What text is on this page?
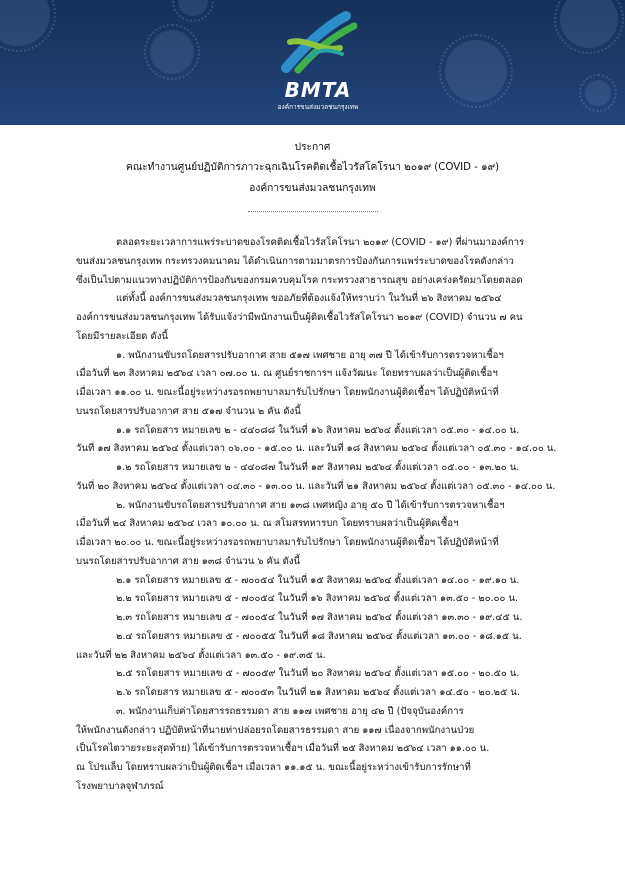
BMTA
องค์การขนส่งมวลชนกรุงเทพ
ประกาศ
คณะทำงานศูนย์ปฏิบัติการภาวะฉุกเฉินโรคติดเชื้อไวรัสโคโรนา ๒๐๑๙ (COVID - ๑๙)
องค์การขนส่งมวลชนกรุงเทพ
ตลอดระยะเวลาการแพร่ระบาดของโรคติดเชื้อไวรัสโคโรนา ๒๐๑๙ (COVID - ๑๙) ที่ผ่านมาองค์การ
ขนส่งมวลชนกรุงเทพ กระทรวงคมนาคม ได้ดำเนินการตามมาตรการป้องกันการแพร่ระบาดของโรคดังกล่าว
ซึ่งเป็นไปตามแนวทางปฏิบัติการป้องกันของกรมควบคุมโรค กระทรวงสาธารณสุข อย่างเคร่งครัดมาโดยตลอด
แต่ทั้งนี้ องค์การขนส่งมวลชนกรุงเทพ ขออภัยที่ต้องแจ้งให้ทราบว่า ในวันที่ ๒๖ สิงหาคม ๒๕๖๔
องค์การขนส่งมวลชนกรุงเทพ ได้รับแจ้งว่ามีพนักงานเป็นผู้ติดเชื้อไวรัสโคโรนา ๒๐๑๙ (COVID) จำนวน ๗ คน
โดยมีรายละเอียด ดังนี้
๑. พนักงานขับรถโดยสารปรับอากาศ สาย ๕๑๗ เพศชาย อายุ ๓๗ ปี ได้เข้ารับการตรวจหาเชื้อฯ
เมื่อวันที่ ๒๓ สิงหาคม ๒๕๖๔ เวลา ๐๗.๐๐ น. ณ ศูนย์ราชการฯ แจ้งวัฒนะ โดยทราบผลว่าเป็นผู้ติดเชื้อฯ
เมื่อเวลา ๑๑.๐๐ น. ขณะนี้อยู่ระหว่างรอรถพยาบาลมารับไปรักษา โดยพนักงานผู้ติดเชื้อฯ ได้ปฏิบัติหน้าที่
บนรถโดยสารปรับอากาศ สาย ๕๑๗ จำนวน ๒ คัน ดังนี้
๑.๑ รถโดยสาร หมายเลข ๒ - ๔๔๐๘๘ ในวันที่ ๑๖ สิงหาคม ๒๕๖๔ ตั้งแต่เวลา ๐๕.๓๐ - ๑๔.๐๐ น.
วันที่ ๑๗ สิงหาคม ๒๕๖๔ ตั้งแต่เวลา ๐๖.๐๐ - ๑๕.๐๐ น. และวันที่ ๑๘ สิงหาคม ๒๕๖๔ ตั้งแต่เวลา ๐๕.๓๐ - ๑๔.๐๐ น.
๑.๒ รถโดยสาร หมายเลข ๒ - ๔๔๐๘๗ ในวันที่ ๑๙ สิงหาคม ๒๕๖๔ ตั้งแต่เวลา ๐๕.๐๐ - ๑๓.๒๐ น.
วันที่ ๒๐ สิงหาคม ๒๕๖๔ ตั้งแต่เวลา ๐๔.๓๐ - ๑๓.๐๐ น. และวันที่ ๒๑ สิงหาคม ๒๕๖๔ ตั้งแต่เวลา ๐๕.๓๐ - ๑๔.๐๐ น.
๒. พนักงานขับรถโดยสารปรับอากาศ สาย ๑๓๘ เพศหญิง อายุ ๕๐ ปี ได้เข้ารับการตรวจหาเชื้อฯ
เมื่อวันที่ ๒๔ สิงหาคม ๒๕๖๔ เวลา ๑๐.๐๐ น. ณ สโมสรทหารบก โดยทราบผลว่าเป็นผู้ติดเชื้อฯ
เมื่อเวลา ๒๐.๐๐ น. ขณะนี้อยู่ระหว่างรอรถพยาบาลมารับไปรักษา โดยพนักงานผู้ติดเชื้อฯ ได้ปฏิบัติหน้าที่
บนรถโดยสารปรับอากาศ สาย ๑๓๘ จำนวน ๖ คัน ดังนี้
๒.๑ รถโดยสาร หมายเลข ๕ - ๗๐๐๕๔ ในวันที่ ๑๕ สิงหาคม ๒๕๖๔ ตั้งแต่เวลา ๑๔.๐๐ - ๑๙.๑๐ น.
๒.๒ รถโดยสาร หมายเลข ๕ - ๗๐๐๕๔ ในวันที่ ๑๖ สิงหาคม ๒๕๖๔ ตั้งแต่เวลา ๑๓.๕๐ - ๒๐.๐๐ น.
๒.๓ รถโดยสาร หมายเลข ๕ - ๗๐๐๕๔ ในวันที่ ๑๗ สิงหาคม ๒๕๖๔ ตั้งแต่เวลา ๑๓.๓๐ - ๑๙.๔๕ น.
๒.๔ รถโดยสาร หมายเลข ๕ - ๗๐๐๕๕ ในวันที่ ๑๘ สิงหาคม ๒๕๖๔ ตั้งแต่เวลา ๑๓.๐๐ - ๑๘.๑๕ น.
และวันที่ ๒๒ สิงหาคม ๒๕๖๔ ตั้งแต่เวลา ๑๓.๕๐ - ๑๙.๓๕ น.
๒.๕ รถโดยสาร หมายเลข ๕ - ๗๐๐๕๙ ในวันที่ ๒๐ สิงหาคม ๒๕๖๔ ตั้งแต่เวลา ๑๕.๐๐ - ๒๐.๕๐ น.
๒.๖ รถโดยสาร หมายเลข ๕ - ๗๐๐๕๓ ในวันที่ ๒๑ สิงหาคม ๒๕๖๔ ตั้งแต่เวลา ๑๔.๕๐ - ๒๐.๒๕ น.
๓. พนักงานเก็บค่าโดยสารรถธรรมดา สาย ๑๑๗ เพศชาย อายุ ๔๒ ปี (ปัจจุบันองค์การ
ให้พนักงานดังกล่าว ปฏิบัติหน้าที่นายท่าปล่อยรถโดยสารธรรมดา สาย ๑๑๗ เนื่องจากพนักงานป่วย
เป็นโรคไตวายระยะสุดท้าย) ได้เข้ารับการตรวจหาเชื้อฯ เมื่อวันที่ ๒๕ สิงหาคม ๒๕๖๔ เวลา ๑๑.๐๐ น.
ณ โปรแล็บ โดยทราบผลว่าเป็นผู้ติดเชื้อฯ เมื่อเวลา ๑๑.๑๕ น. ขณะนี้อยู่ระหว่างเข้ารับการรักษาที่
โรงพยาบาลจุฬาภรณ์
